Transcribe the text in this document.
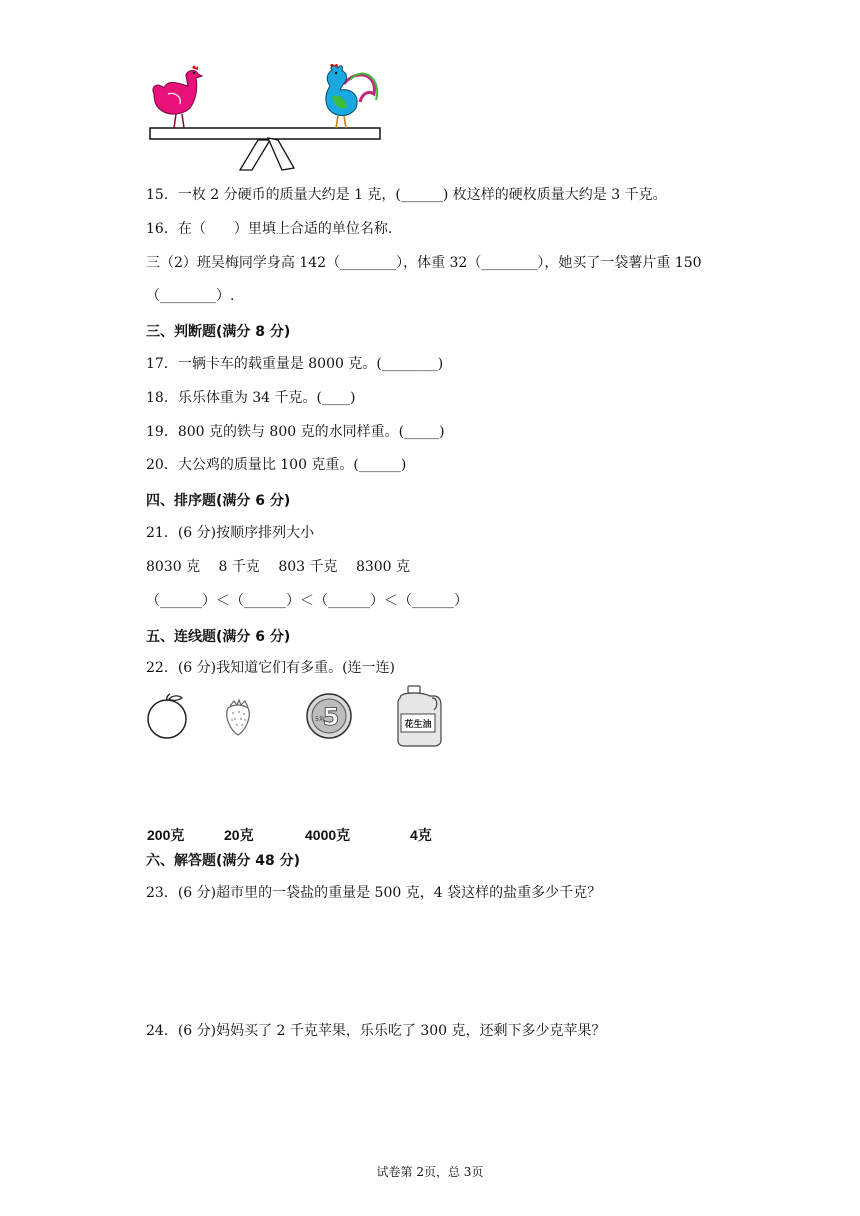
15．一枚 2 分硬币的质量大约是 1 克，(______) 枚这样的硬枚质量大约是 3 千克。
16．在（　　）里填上合适的单位名称.
三（2）班吴梅同学身高 142（________），体重 32（________），她买了一袋薯片重 150
（________）.
三、判断题(满分 8 分)
17．一辆卡车的载重量是 8000 克。(________)
18．乐乐体重为 34 千克。(____)
19．800 克的铁与 800 克的水同样重。(_____)
20．大公鸡的质量比 100 克重。(______)
四、排序题(满分 6 分)
21．(6 分)按顺序排列大小
8030 克　 8 千克　 803 千克　 8300 克
（______）＜（______）＜（______）＜（______）
五、连线题(满分 6 分)
22．(6 分)我知道它们有多重。(连一连)
5
5角
花生油
200克	20克	4000克	4克
六、解答题(满分 48 分)
23．(6 分)超市里的一袋盐的重量是 500 克，4 袋这样的盐重多少千克？
24．(6 分)妈妈买了 2 千克苹果，乐乐吃了 300 克，还剩下多少克苹果？
试卷第 2页，总 3页
